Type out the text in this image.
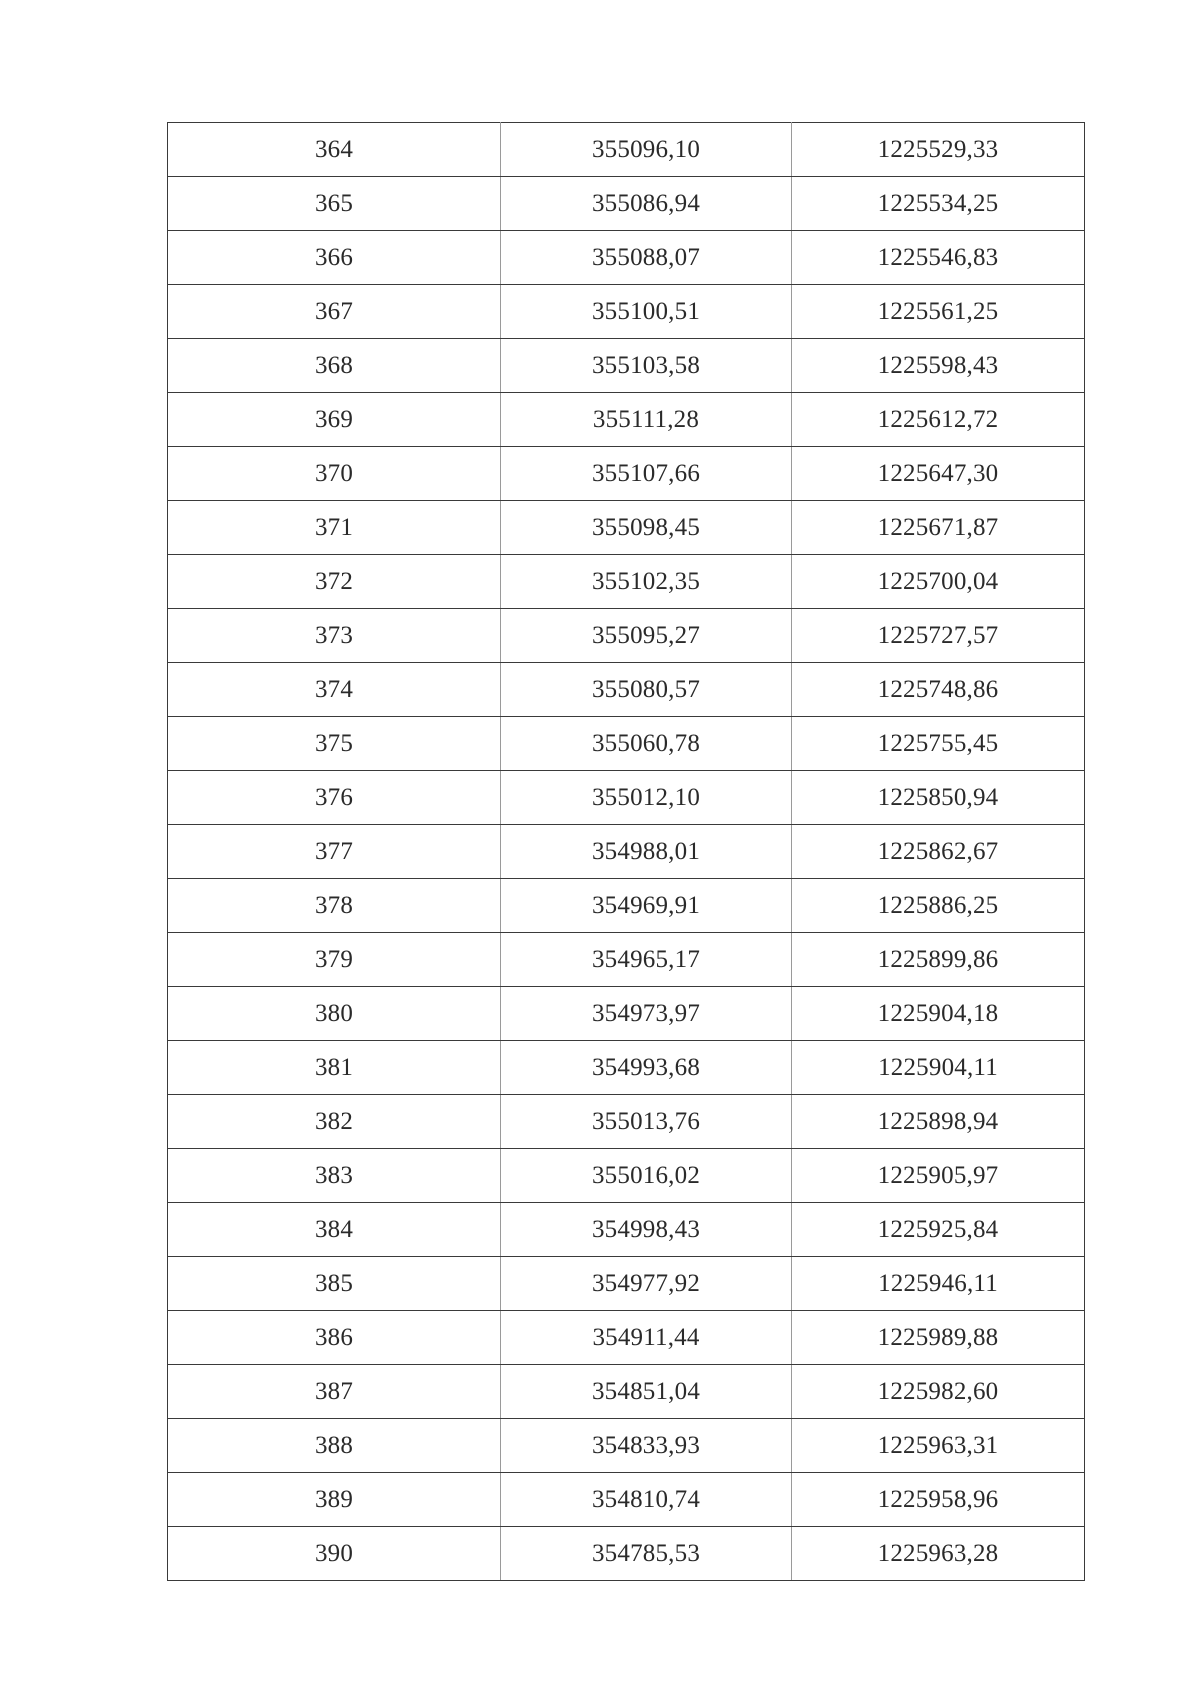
364	355096,10	1225529,33
365	355086,94	1225534,25
366	355088,07	1225546,83
367	355100,51	1225561,25
368	355103,58	1225598,43
369	355111,28	1225612,72
370	355107,66	1225647,30
371	355098,45	1225671,87
372	355102,35	1225700,04
373	355095,27	1225727,57
374	355080,57	1225748,86
375	355060,78	1225755,45
376	355012,10	1225850,94
377	354988,01	1225862,67
378	354969,91	1225886,25
379	354965,17	1225899,86
380	354973,97	1225904,18
381	354993,68	1225904,11
382	355013,76	1225898,94
383	355016,02	1225905,97
384	354998,43	1225925,84
385	354977,92	1225946,11
386	354911,44	1225989,88
387	354851,04	1225982,60
388	354833,93	1225963,31
389	354810,74	1225958,96
390	354785,53	1225963,28
